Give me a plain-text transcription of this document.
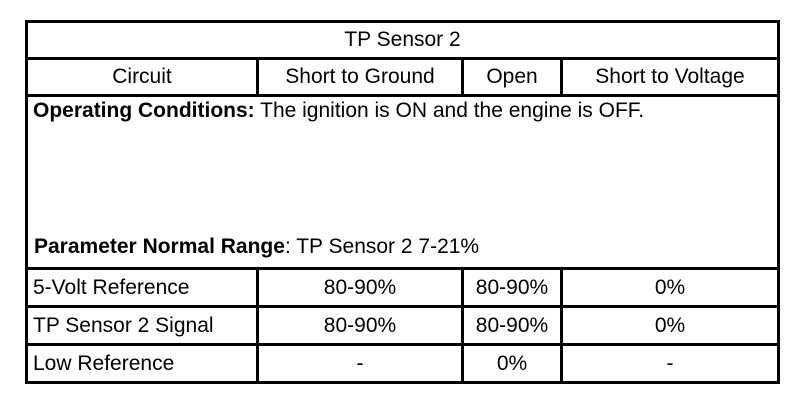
TP Sensor 2			
Circuit	Short to Ground	Open	Short to Voltage

Operating Conditions: The ignition is ON and the engine is OFF.
Parameter Normal Range: TP Sensor 2 7-21%			

5-Volt Reference	80-90%	80-90%	0%
TP Sensor 2 Signal	80-90%	80-90%	0%
Low Reference	-	0%	-
